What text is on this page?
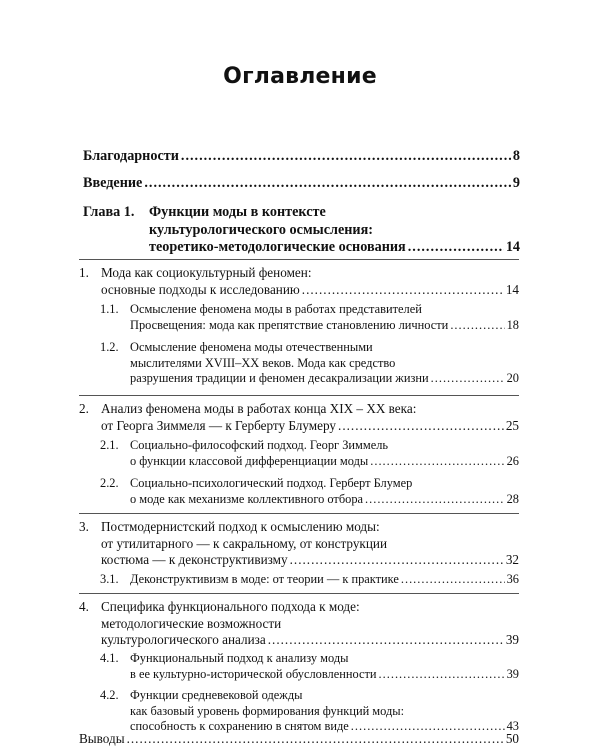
Оглавление
Благодарности .....	8
Введение .....	9
Глава 1.	Функции моды в контексте
культурологического осмысления:
теоретико-методологические основания .....	14
1. Мода как социокультурный феномен:
основные подходы к исследованию .....	14
1.1. Осмысление феномена моды в работах представителей
Просвещения: мода как препятствие становлению личности .....	18
1.2. Осмысление феномена моды отечественными
мыслителями XVIII–XX веков. Мода как средство
разрушения традиции и феномен десакрализации жизни .....	20
2. Анализ феномена моды в работах конца XIX – XX века:
от Георга Зиммеля — к Герберту Блумеру .....	25
2.1. Социально-философский подход. Георг Зиммель
о функции классовой дифференциации моды .....	26
2.2. Социально-психологический подход. Герберт Блумер
о моде как механизме коллективного отбора .....	28
3. Постмодернистский подход к осмыслению моды:
от утилитарного — к сакральному, от конструкции
костюма — к деконструктивизму .....	32
3.1. Деконструктивизм в моде: от теории — к практике .....	36
4. Специфика функционального подхода к моде:
методологические возможности
культурологического анализа .....	39
4.1. Функциональный подход к анализу моды
в ее культурно-исторической обусловленности .....	39
4.2. Функции средневековой одежды
как базовый уровень формирования функций моды:
способность к сохранению в снятом виде .....	43
Выводы .....	50
